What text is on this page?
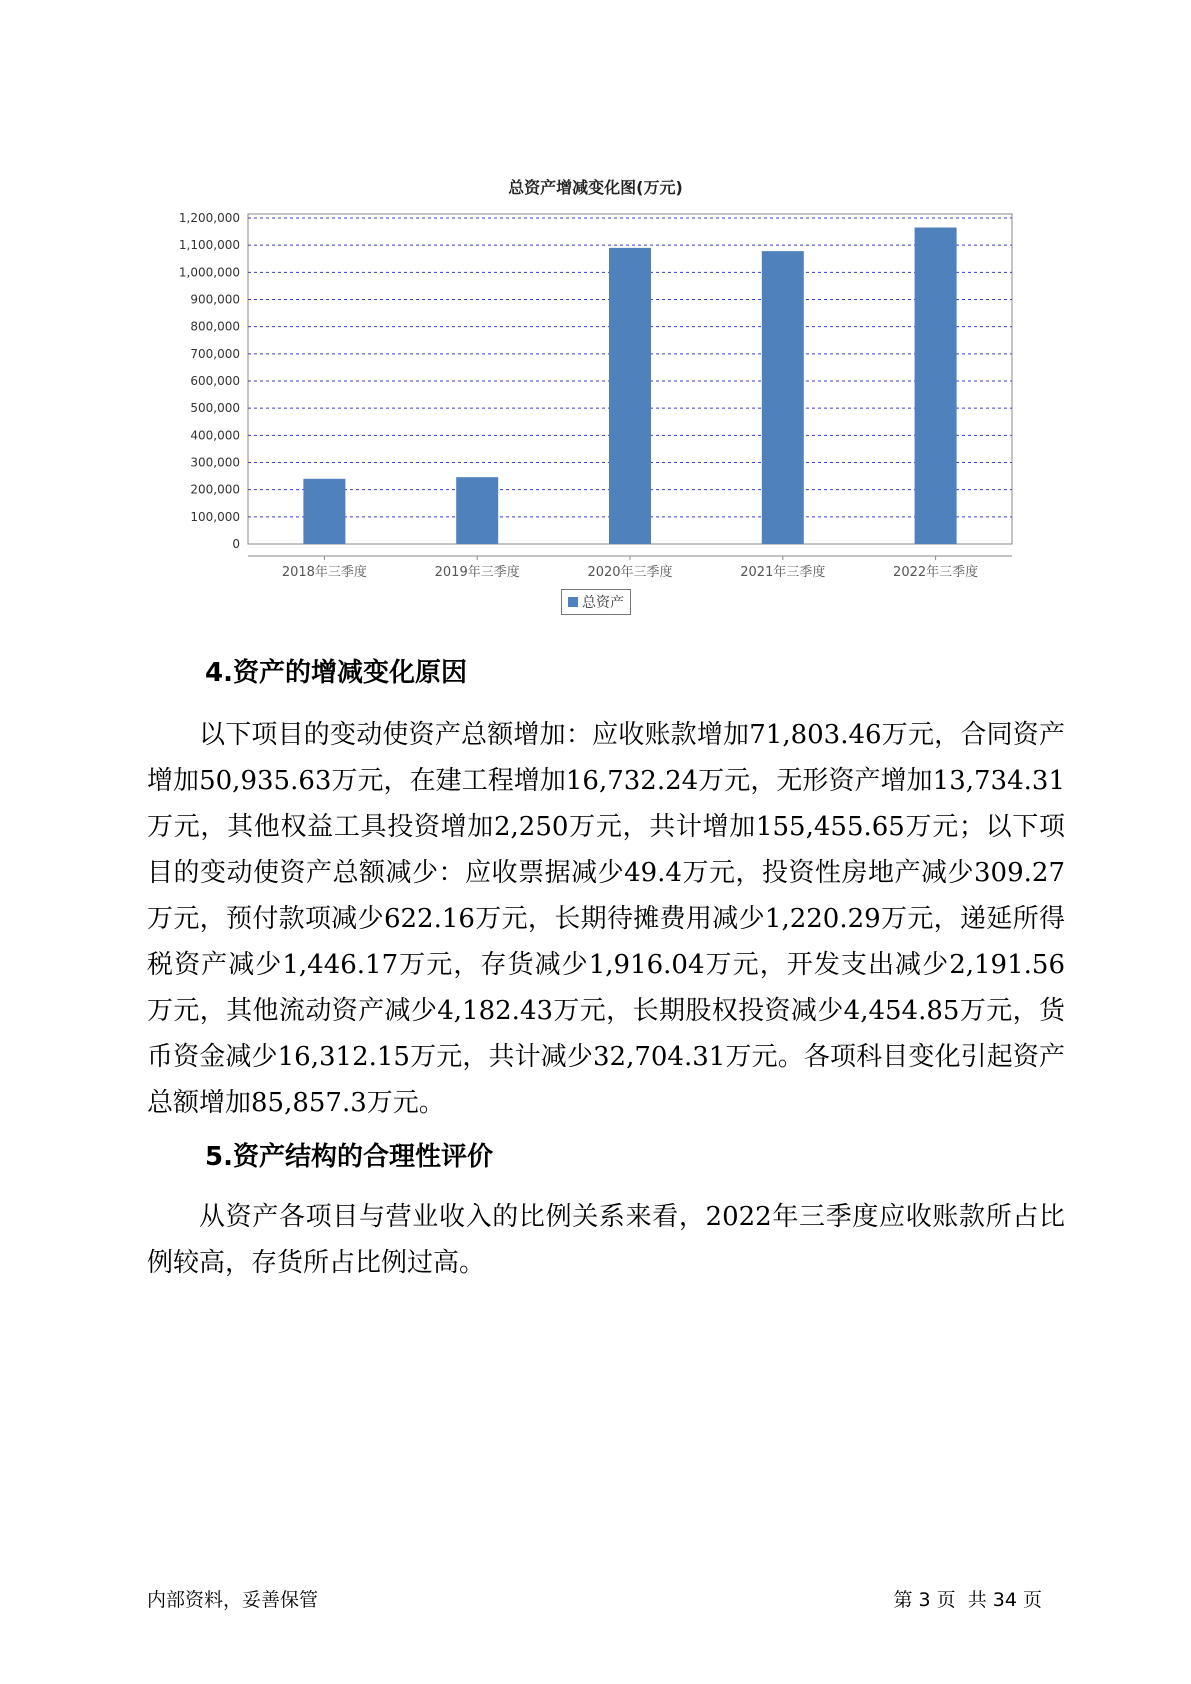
总资产增减变化图(万元)
0
100,000
200,000
300,000
400,000
500,000
600,000
700,000
800,000
900,000
1,000,000
1,100,000
1,200,000
2018年三季度	2019年三季度	2020年三季度	2021年三季度	2022年三季度
总资产
4.资产的增减变化原因

以下项目的变动使资产总额增加：应收账款增加71,803.46万元，合同资产增加50,935.63万元，在建工程增加16,732.24万元，无形资产增加13,734.31万元，其他权益工具投资增加2,250万元，共计增加155,455.65万元；以下项目的变动使资产总额减少：应收票据减少49.4万元，投资性房地产减少309.27万元，预付款项减少622.16万元，长期待摊费用减少1,220.29万元，递延所得税资产减少1,446.17万元，存货减少1,916.04万元，开发支出减少2,191.56万元，其他流动资产减少4,182.43万元，长期股权投资减少4,454.85万元，货币资金减少16,312.15万元，共计减少32,704.31万元。各项科目变化引起资产总额增加85,857.3万元。

5.资产结构的合理性评价

从资产各项目与营业收入的比例关系来看，2022年三季度应收账款所占比例较高，存货所占比例过高。

内部资料，妥善保管	第 3 页  共 34 页
